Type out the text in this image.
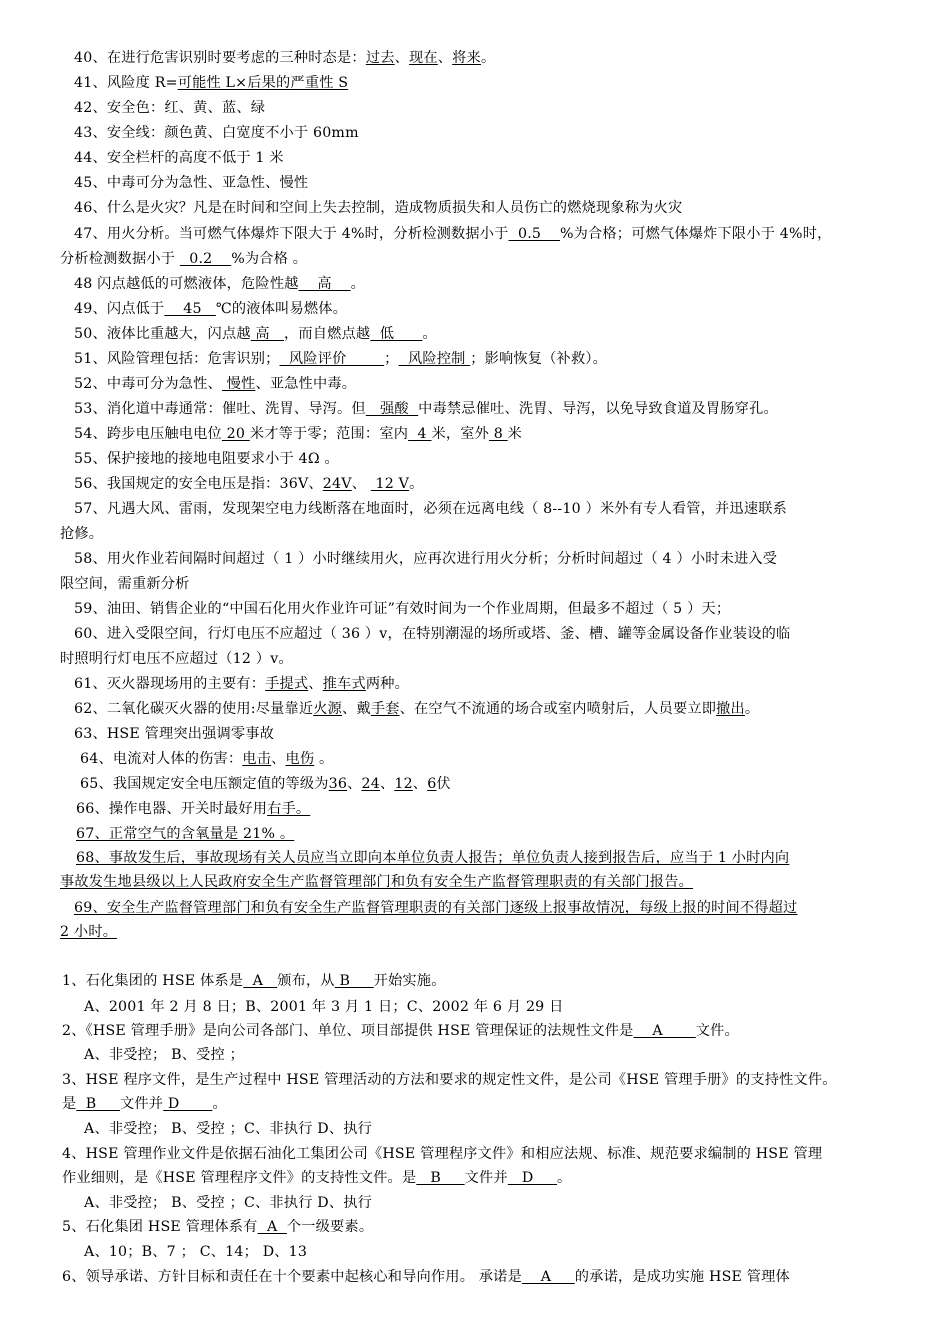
40、在进行危害识别时要考虑的三种时态是：过去、现在、将来。
41、风险度 R=可能性 L×后果的严重性 S
42、安全色：红、黄、蓝、绿
43、安全线：颜色黄、白宽度不小于 60mm
44、安全栏杆的高度不低于 1 米
45、中毒可分为急性、亚急性、慢性
46、什么是火灾？凡是在时间和空间上失去控制，造成物质损失和人员伤亡的燃烧现象称为火灾
47、用火分析。当可燃气体爆炸下限大于 4%时，分析检测数据小于  0.5    %为合格；可燃气体爆炸下限小于 4%时，
分析检测数据小于   0.2    %为合格 。
48 闪点越低的可燃液体，危险性越    高    。
49、闪点低于    45   ℃的液体叫易燃体。
50、液体比重越大，闪点越 高   ，而自燃点越  低      。
51、风险管理包括：危害识别；  风险评价        ；  风险控制 ；影响恢复（补救）。
52、中毒可分为急性、 慢性、亚急性中毒。
53、消化道中毒通常：催吐、洗胃、导泻。但   强酸  中毒禁忌催吐、洗胃、导泻，以免导致食道及胃肠穿孔。
54、跨步电压触电电位 20 米才等于零；范围：室内  4 米，室外 8 米
55、保护接地的接地电阻要求小于 4Ω 。
56、我国规定的安全电压是指：36V、24V、  12 V。
57、凡遇大风、雷雨，发现架空电力线断落在地面时，必须在远离电线（ 8--10 ）米外有专人看管，并迅速联系
抢修。
58、用火作业若间隔时间超过（ 1 ）小时继续用火，应再次进行用火分析；分析时间超过（ 4 ）小时未进入受
限空间，需重新分析
59、油田、销售企业的“中国石化用火作业许可证”有效时间为一个作业周期，但最多不超过（ 5 ）天；
60、进入受限空间，行灯电压不应超过（ 36 ）v，在特别潮湿的场所或塔、釜、槽、罐等金属设备作业装设的临
时照明行灯电压不应超过（12 ）v。
61、灭火器现场用的主要有：手提式、推车式两种。
62、二氧化碳灭火器的使用:尽量靠近火源、戴手套、在空气不流通的场合或室内喷射后，人员要立即撤出。
63、HSE 管理突出强调零事故
64、电流对人体的伤害：电击、电伤 。
65、我国规定安全电压额定值的等级为36、24、12、6伏
66、操作电器、开关时最好用右手。
67、正常空气的含氧量是 21% 。
68、事故发生后，事故现场有关人员应当立即向本单位负责人报告；单位负责人接到报告后，应当于 1 小时内向
事故发生地县级以上人民政府安全生产监督管理部门和负有安全生产监督管理职责的有关部门报告。
69、安全生产监督管理部门和负有安全生产监督管理职责的有关部门逐级上报事故情况，每级上报的时间不得超过
2 小时。
1、石化集团的 HSE 体系是  A   颁布，从 B     开始实施。
A、2001 年 2 月 8 日；B、2001 年 3 月 1 日；C、2002 年 6 月 29 日
2、《HSE 管理手册》是向公司各部门、单位、项目部提供 HSE 管理保证的法规性文件是    A       文件。
A、非受控； B、受控 ；
3、HSE 程序文件，是生产过程中 HSE 管理活动的方法和要求的规定性文件，是公司《HSE 管理手册》的支持性文件。
是  B     文件并 D       。
A、非受控； B、受控 ；C、非执行 D、执行
4、HSE 管理作业文件是依据石油化工集团公司《HSE 管理程序文件》和相应法规、标准、规范要求编制的 HSE 管理
作业细则，是《HSE 管理程序文件》的支持性文件。是   B     文件并   D     。
A、非受控； B、受控 ；C、非执行 D、执行
5、石化集团 HSE 管理体系有  A  个一级要素。
A、10；B、7 ； C、14； D、13
6、领导承诺、方针目标和责任在十个要素中起核心和导向作用。 承诺是    A     的承诺，是成功实施 HSE 管理体
